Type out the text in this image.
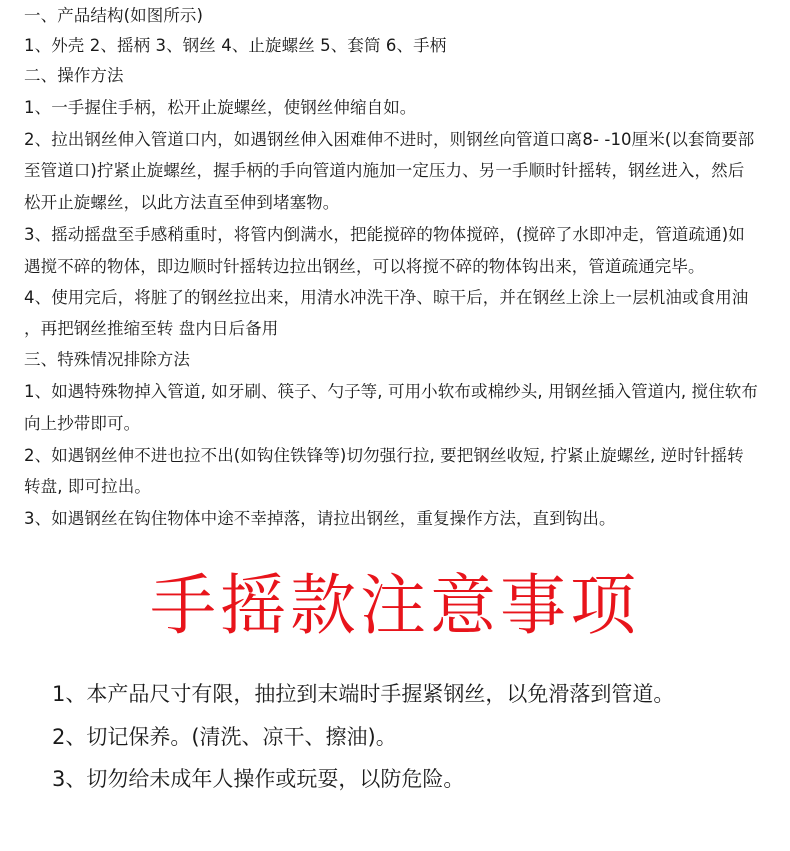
一、产品结构(如图所示)
1、外壳 2、摇柄 3、钢丝 4、止旋螺丝 5、套筒 6、手柄
二、操作方法
1、一手握住手柄，松开止旋螺丝，使钢丝伸缩自如。
2、拉出钢丝伸入管道口内，如遇钢丝伸入困难伸不进时，则钢丝向管道口离8- -10厘米(以套筒要部
至管道口)拧紧止旋螺丝，握手柄的手向管道内施加一定压力、另一手顺时针摇转，钢丝进入，然后
松开止旋螺丝，以此方法直至伸到堵塞物。
3、摇动摇盘至手感稍重时，将管内倒满水，把能搅碎的物体搅碎，(搅碎了水即冲走，管道疏通)如
遇搅不碎的物体，即边顺时针摇转边拉出钢丝，可以将搅不碎的物体钩出来，管道疏通完毕。
4、使用完后，将脏了的钢丝拉出来，用清水冲洗干净、晾干后，并在钢丝上涂上一层机油或食用油
，再把钢丝推缩至转 盘内日后备用
三、特殊情况排除方法
1、如遇特殊物掉入管道, 如牙刷、筷子、勺子等, 可用小软布或棉纱头, 用钢丝插入管道内, 搅住软布
向上抄带即可。
2、如遇钢丝伸不进也拉不出(如钩住铁锋等)切勿强行拉, 要把钢丝收短, 拧紧止旋螺丝, 逆时针摇转
转盘, 即可拉出。
3、如遇钢丝在钩住物体中途不幸掉落，请拉出钢丝，重复操作方法，直到钩出。
手摇款注意事项
1、本产品尺寸有限，抽拉到末端时手握紧钢丝，以免滑落到管道。
2、切记保养。(清洗、凉干、擦油)。
3、切勿给未成年人操作或玩耍，以防危险。
